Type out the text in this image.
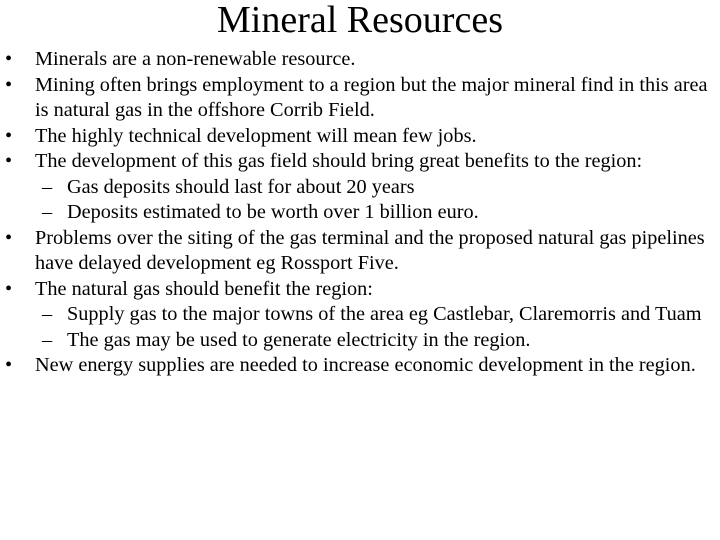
Mineral Resources
• Minerals are a non-renewable resource.
• Mining often brings employment to a region but the major mineral find in this area is natural gas in the offshore Corrib Field.
• The highly technical development will mean few jobs.
• The development of this gas field should bring great benefits to the region:
– Gas deposits should last for about 20 years
– Deposits estimated to be worth over 1 billion euro.
• Problems over the siting of the gas terminal and the proposed natural gas pipelines have delayed development eg Rossport Five.
• The natural gas should benefit the region:
– Supply gas to the major towns of the area eg Castlebar, Claremorris and Tuam
– The gas may be used to generate electricity in the region.
• New energy supplies are needed to increase economic development in the region.
